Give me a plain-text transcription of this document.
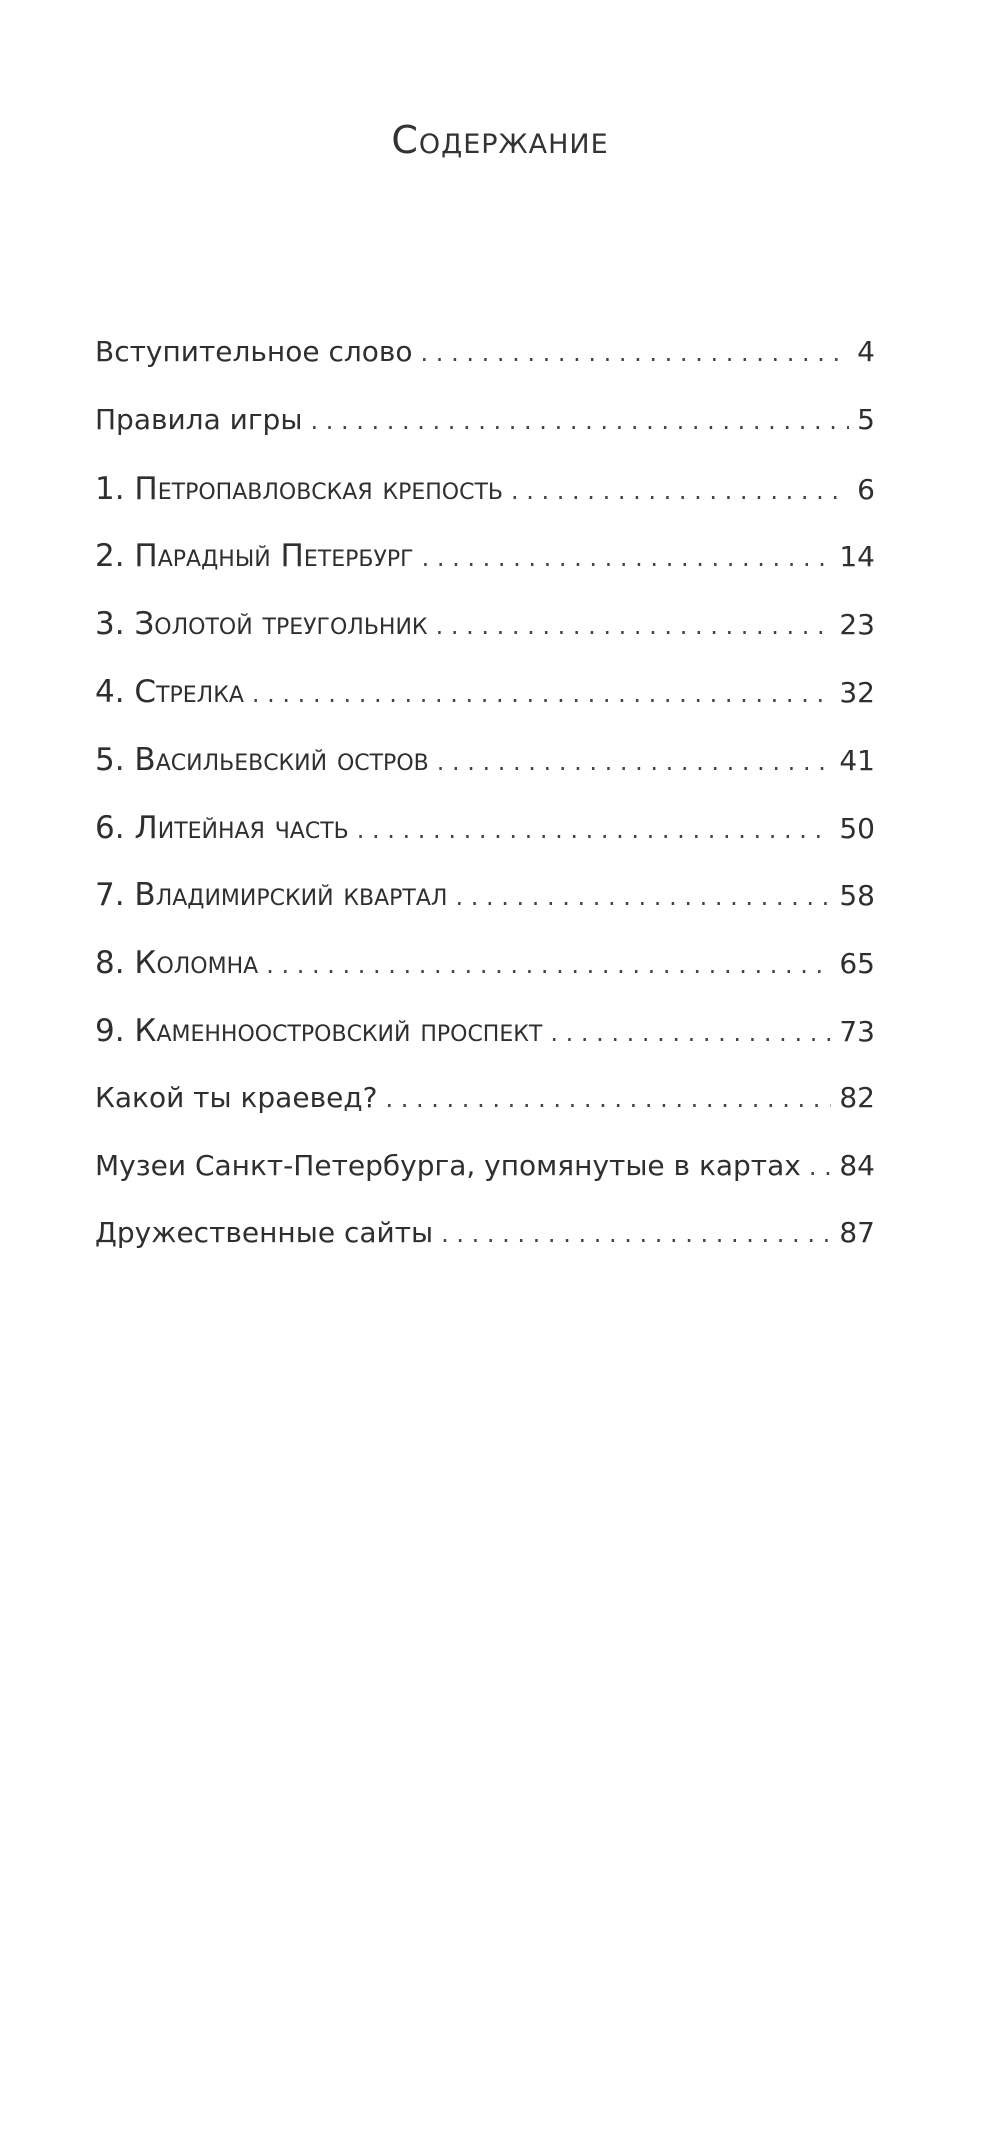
Содержание
Вступительное слово . . .	4
Правила игры . . .	5
1. Петропавловская крепость . . .	6
2. Парадный Петербург . . .	14
3. Золотой треугольник . . .	23
4. Стрелка . . .	32
5. Васильевский остров . . .	41
6. Литейная часть . . .	50
7. Владимирский квартал . . .	58
8. Коломна . . .	65
9. Каменноостровский проспект . . .	73
Какой ты краевед? . . .	82
Музеи Санкт-Петербурга, упомянутые в картах . . . 84
Дружественные сайты . . .	87
